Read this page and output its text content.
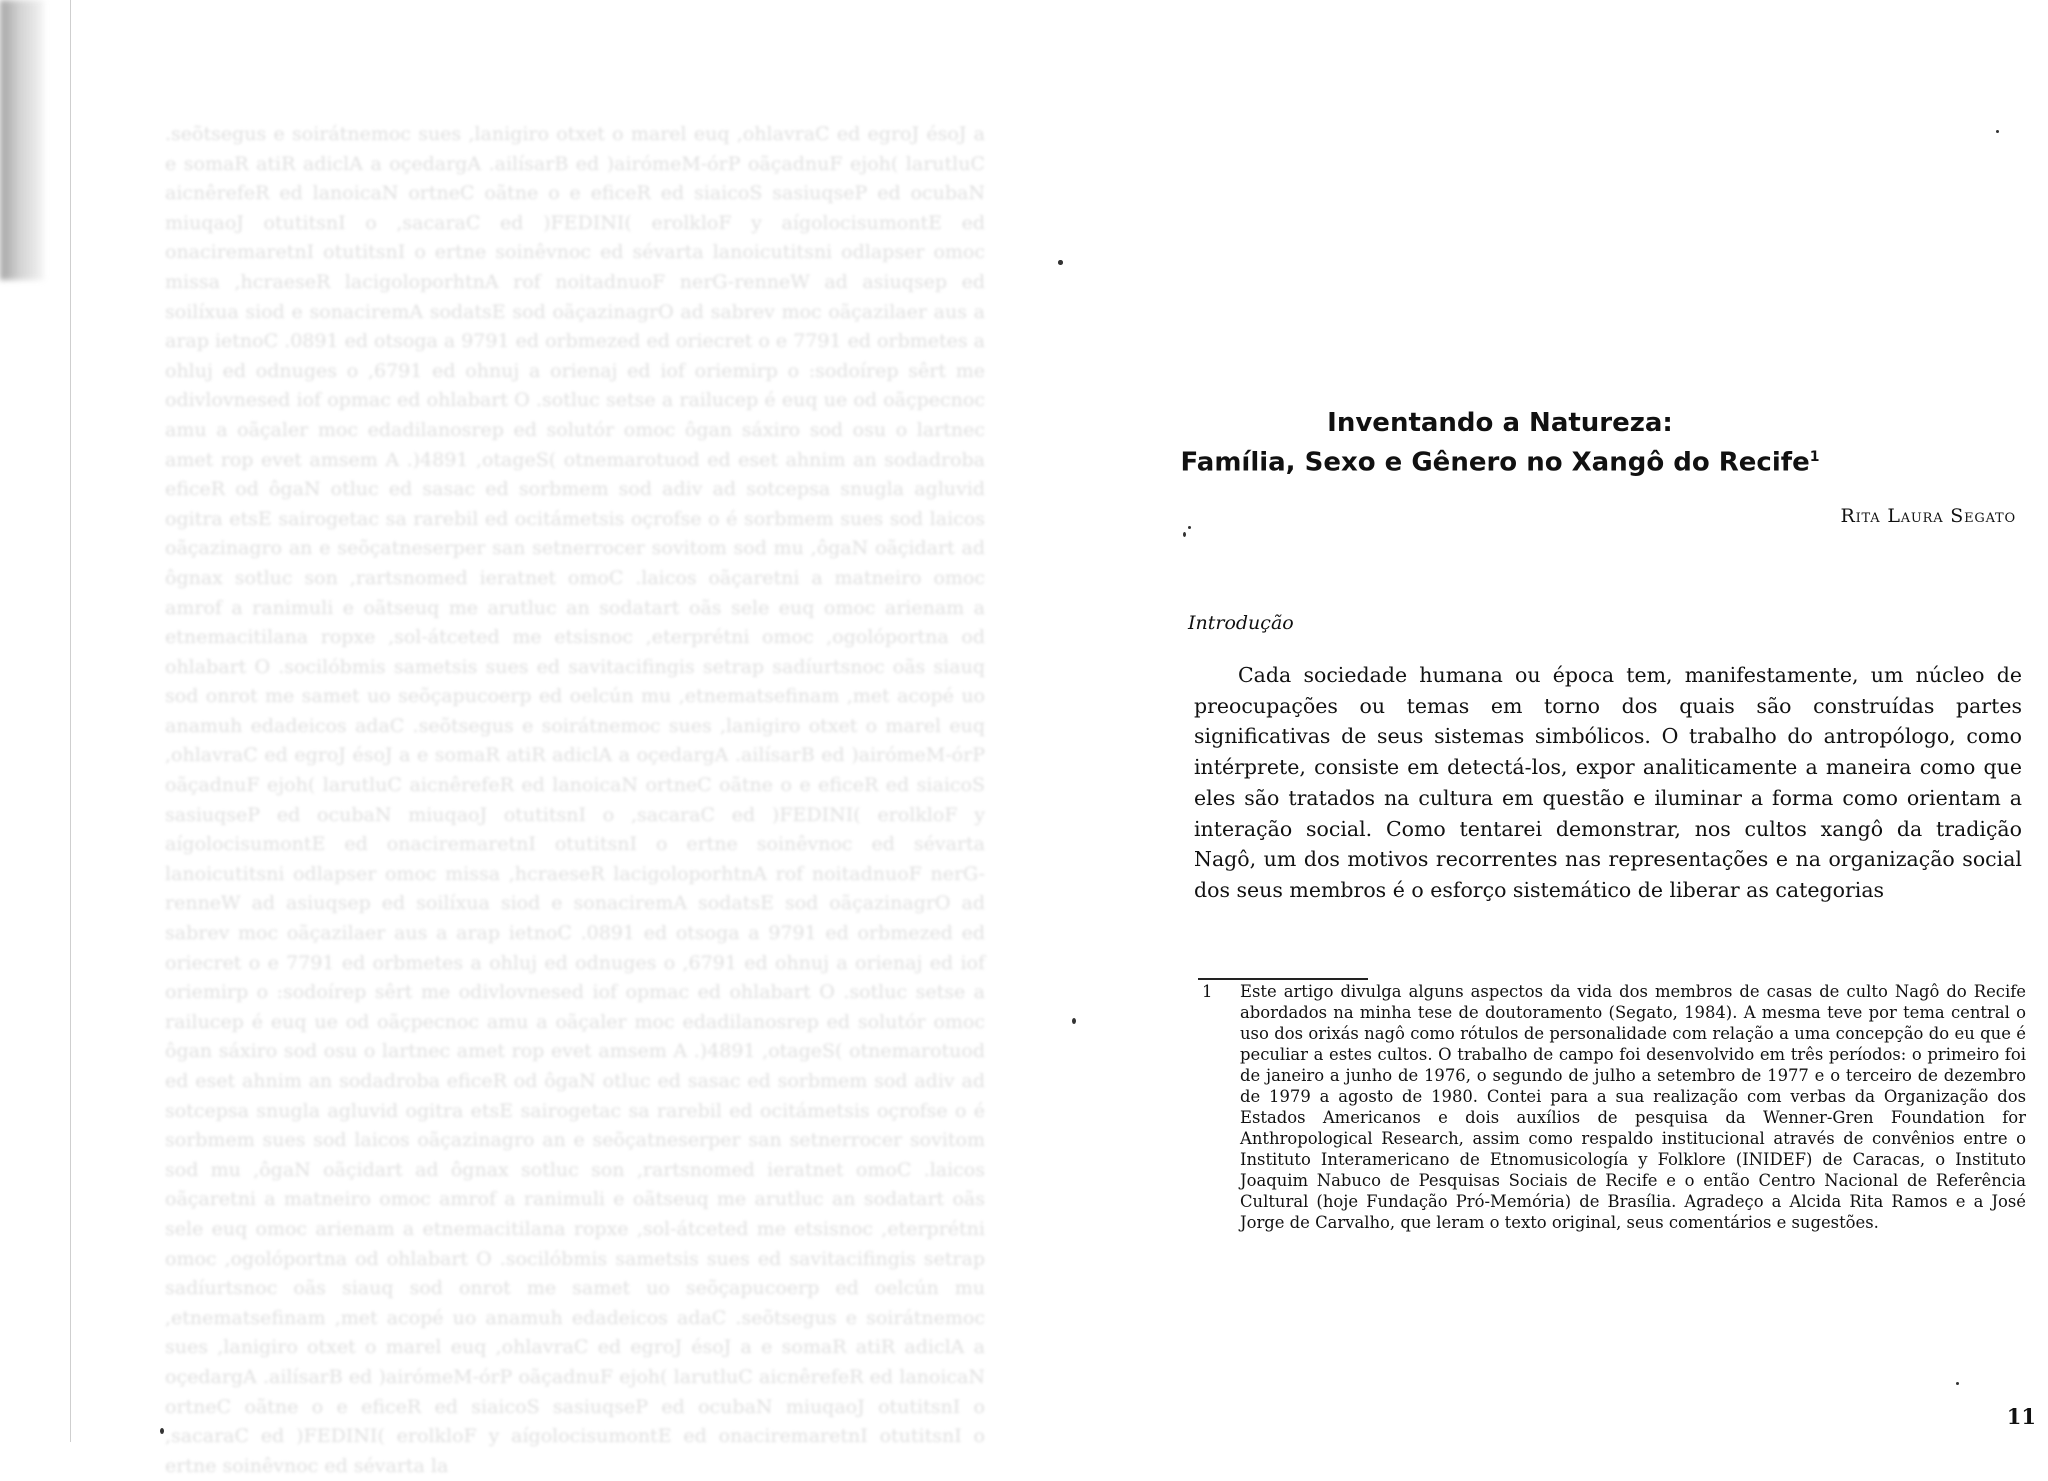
.seõtsegus e soirátnemoc sues ,lanigiro otxet o marel euq ,ohlavraC ed egroJ ésoJ a e somaR atiR adiclA a oçedargA .ailísarB ed )airómeM-órP oãçadnuF ejoh( larutluC aicnêrefeR ed lanoicaN ortneC oãtne o e eficeR ed siaicoS sasiuqseP ed ocubaN miuqaoJ otutitsnI o ,sacaraC ed )FEDINI( erolkloF y aígolocisumontE ed onaciremaretnI otutitsnI o ertne soinêvnoc ed sévarta lanoicutitsni odlapser omoc missa ,hcraeseR lacigoloporhtnA rof noitadnuoF nerG-renneW ad asiuqsep ed soilíxua siod e sonaciremA sodatsE sod oãçazinagrO ad sabrev moc oãçazilaer aus a arap ietnoC .0891 ed otsoga a 9791 ed orbmezed ed oriecret o e 7791 ed orbmetes a ohluj ed odnuges o ,6791 ed ohnuj a orienaj ed iof oriemirp o :sodoírep sêrt me odivlovnesed iof opmac ed ohlabart O .sotluc setse a railucep é euq ue od oãçpecnoc amu a oãçaler moc edadilanosrep ed solutór omoc ôgan sáxiro sod osu o lartnec amet rop evet amsem A .)4891 ,otageS( otnemarotuod ed eset ahnim an sodadroba eficeR od ôgaN otluc ed sasac ed sorbmem sod adiv ad sotcepsa snugla agluvid ogitra etsE sairogetac sa rarebil ed ocitámetsis oçrofse o é sorbmem sues sod laicos oãçazinagro an e seõçatneserper san setnerrocer sovitom sod mu ,ôgaN oãçidart ad ôgnax sotluc son ,rartsnomed ieratnet omoC .laicos oãçaretni a matneiro omoc amrof a ranimuli e oãtseuq me arutluc an sodatart oãs sele euq omoc arienam a etnemacitilana ropxe ,sol-átceted me etsisnoc ,eterprétni omoc ,ogolóportna od ohlabart O .socilóbmis sametsis sues ed savitacifingis setrap sadíurtsnoc oãs siauq sod onrot me samet uo seõçapucoerp ed oelcún mu ,etnematsefinam ,met acopé uo anamuh edadeicos adaC .seõtsegus e soirátnemoc sues ,lanigiro otxet o marel euq ,ohlavraC ed egroJ ésoJ a e somaR atiR adiclA a oçedargA .ailísarB ed )airómeM-órP oãçadnuF ejoh( larutluC aicnêrefeR ed lanoicaN ortneC oãtne o e eficeR ed siaicoS sasiuqseP ed ocubaN miuqaoJ otutitsnI o ,sacaraC ed )FEDINI( erolkloF y aígolocisumontE ed onaciremaretnI otutitsnI o ertne soinêvnoc ed sévarta lanoicutitsni odlapser omoc missa ,hcraeseR lacigoloporhtnA rof noitadnuoF nerG-renneW ad asiuqsep ed soilíxua siod e sonaciremA sodatsE sod oãçazinagrO ad sabrev moc oãçazilaer aus a arap ietnoC .0891 ed otsoga a 9791 ed orbmezed ed oriecret o e 7791 ed orbmetes a ohluj ed odnuges o ,6791 ed ohnuj a orienaj ed iof oriemirp o :sodoírep sêrt me odivlovnesed iof opmac ed ohlabart O .sotluc setse a railucep é euq ue od oãçpecnoc amu a oãçaler moc edadilanosrep ed solutór omoc ôgan sáxiro sod osu o lartnec amet rop evet amsem A .)4891 ,otageS( otnemarotuod ed eset ahnim an sodadroba eficeR od ôgaN otluc ed sasac ed sorbmem sod adiv ad sotcepsa snugla agluvid ogitra etsE sairogetac sa rarebil ed ocitámetsis oçrofse o é sorbmem sues sod laicos oãçazinagro an e seõçatneserper san setnerrocer sovitom sod mu ,ôgaN oãçidart ad ôgnax sotluc son ,rartsnomed ieratnet omoC .laicos oãçaretni a matneiro omoc amrof a ranimuli e oãtseuq me arutluc an sodatart oãs sele euq omoc arienam a etnemacitilana ropxe ,sol-átceted me etsisnoc ,eterprétni omoc ,ogolóportna od ohlabart O .socilóbmis sametsis sues ed savitacifingis setrap sadíurtsnoc oãs siauq sod onrot me samet uo seõçapucoerp ed oelcún mu ,etnematsefinam ,met acopé uo anamuh edadeicos adaC .seõtsegus e soirátnemoc sues ,lanigiro otxet o marel euq ,ohlavraC ed egroJ ésoJ a e somaR atiR adiclA a oçedargA .ailísarB ed )airómeM-órP oãçadnuF ejoh( larutluC aicnêrefeR ed lanoicaN ortneC oãtne o e eficeR ed siaicoS sasiuqseP ed ocubaN miuqaoJ otutitsnI o ,sacaraC ed )FEDINI( erolkloF y aígolocisumontE ed onaciremaretnI otutitsnI o ertne soinêvnoc ed sévarta la
Inventando a Natureza:
Família, Sexo e Gênero no Xangô do Recife$^1$
Rita Laura Segato
Introdução

Cada sociedade humana ou época tem, manifestamente, um núcleo de preocupações ou temas em torno dos quais são construídas partes significativas de seus sistemas simbólicos. O trabalho do antropólogo, como intérprete, consiste em detectá-los, expor analiticamente a maneira como que eles são tratados na cultura em questão e iluminar a forma como orientam a interação social. Como tentarei demonstrar, nos cultos xangô da tradição Nagô, um dos motivos recorrentes nas representações e na organização social dos seus membros é o esforço sistemático de liberar as categorias

1 Este artigo divulga alguns aspectos da vida dos membros de casas de culto Nagô do Recife abordados na minha tese de doutoramento (Segato, 1984). A mesma teve por tema central o uso dos orixás nagô como rótulos de personalidade com relação a uma concepção do eu que é peculiar a estes cultos. O trabalho de campo foi desenvolvido em três períodos: o primeiro foi de janeiro a junho de 1976, o segundo de julho a setembro de 1977 e o terceiro de dezembro de 1979 a agosto de 1980. Contei para a sua realização com verbas da Organização dos Estados Americanos e dois auxílios de pesquisa da Wenner-Gren Foundation for Anthropological Research, assim como respaldo institucional através de convênios entre o Instituto Interamericano de Etnomusicología y Folklore (INIDEF) de Caracas, o Instituto Joaquim Nabuco de Pesquisas Sociais de Recife e o então Centro Nacional de Referência Cultural (hoje Fundação Pró-Memória) de Brasília. Agradeço a Alcida Rita Ramos e a José Jorge de Carvalho, que leram o texto original, seus comentários e sugestões.

11
